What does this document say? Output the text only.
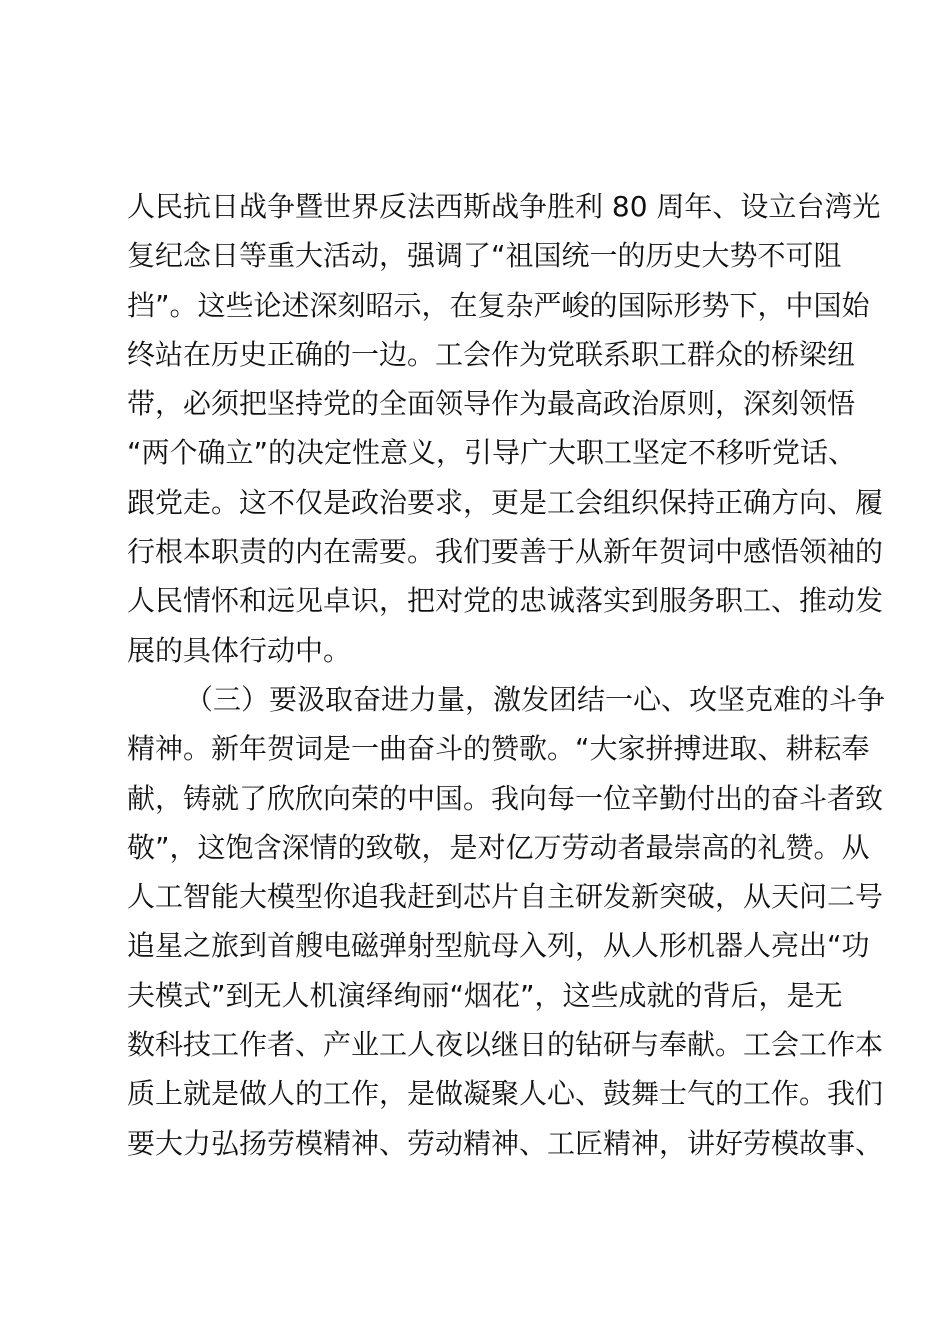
人民抗日战争暨世界反法西斯战争胜利 80 周年、设立台湾光
复纪念日等重大活动，强调了“祖国统一的历史大势不可阻
挡”。这些论述深刻昭示，在复杂严峻的国际形势下，中国始
终站在历史正确的一边。工会作为党联系职工群众的桥梁纽
带，必须把坚持党的全面领导作为最高政治原则，深刻领悟
“两个确立”的决定性意义，引导广大职工坚定不移听党话、
跟党走。这不仅是政治要求，更是工会组织保持正确方向、履
行根本职责的内在需要。我们要善于从新年贺词中感悟领袖的
人民情怀和远见卓识，把对党的忠诚落实到服务职工、推动发
展的具体行动中。
（三）要汲取奋进力量，激发团结一心、攻坚克难的斗争
精神。新年贺词是一曲奋斗的赞歌。“大家拼搏进取、耕耘奉
献，铸就了欣欣向荣的中国。我向每一位辛勤付出的奋斗者致
敬”，这饱含深情的致敬，是对亿万劳动者最崇高的礼赞。从
人工智能大模型你追我赶到芯片自主研发新突破，从天问二号
追星之旅到首艘电磁弹射型航母入列，从人形机器人亮出“功
夫模式”到无人机演绎绚丽“烟花”，这些成就的背后，是无
数科技工作者、产业工人夜以继日的钻研与奉献。工会工作本
质上就是做人的工作，是做凝聚人心、鼓舞士气的工作。我们
要大力弘扬劳模精神、劳动精神、工匠精神，讲好劳模故事、
